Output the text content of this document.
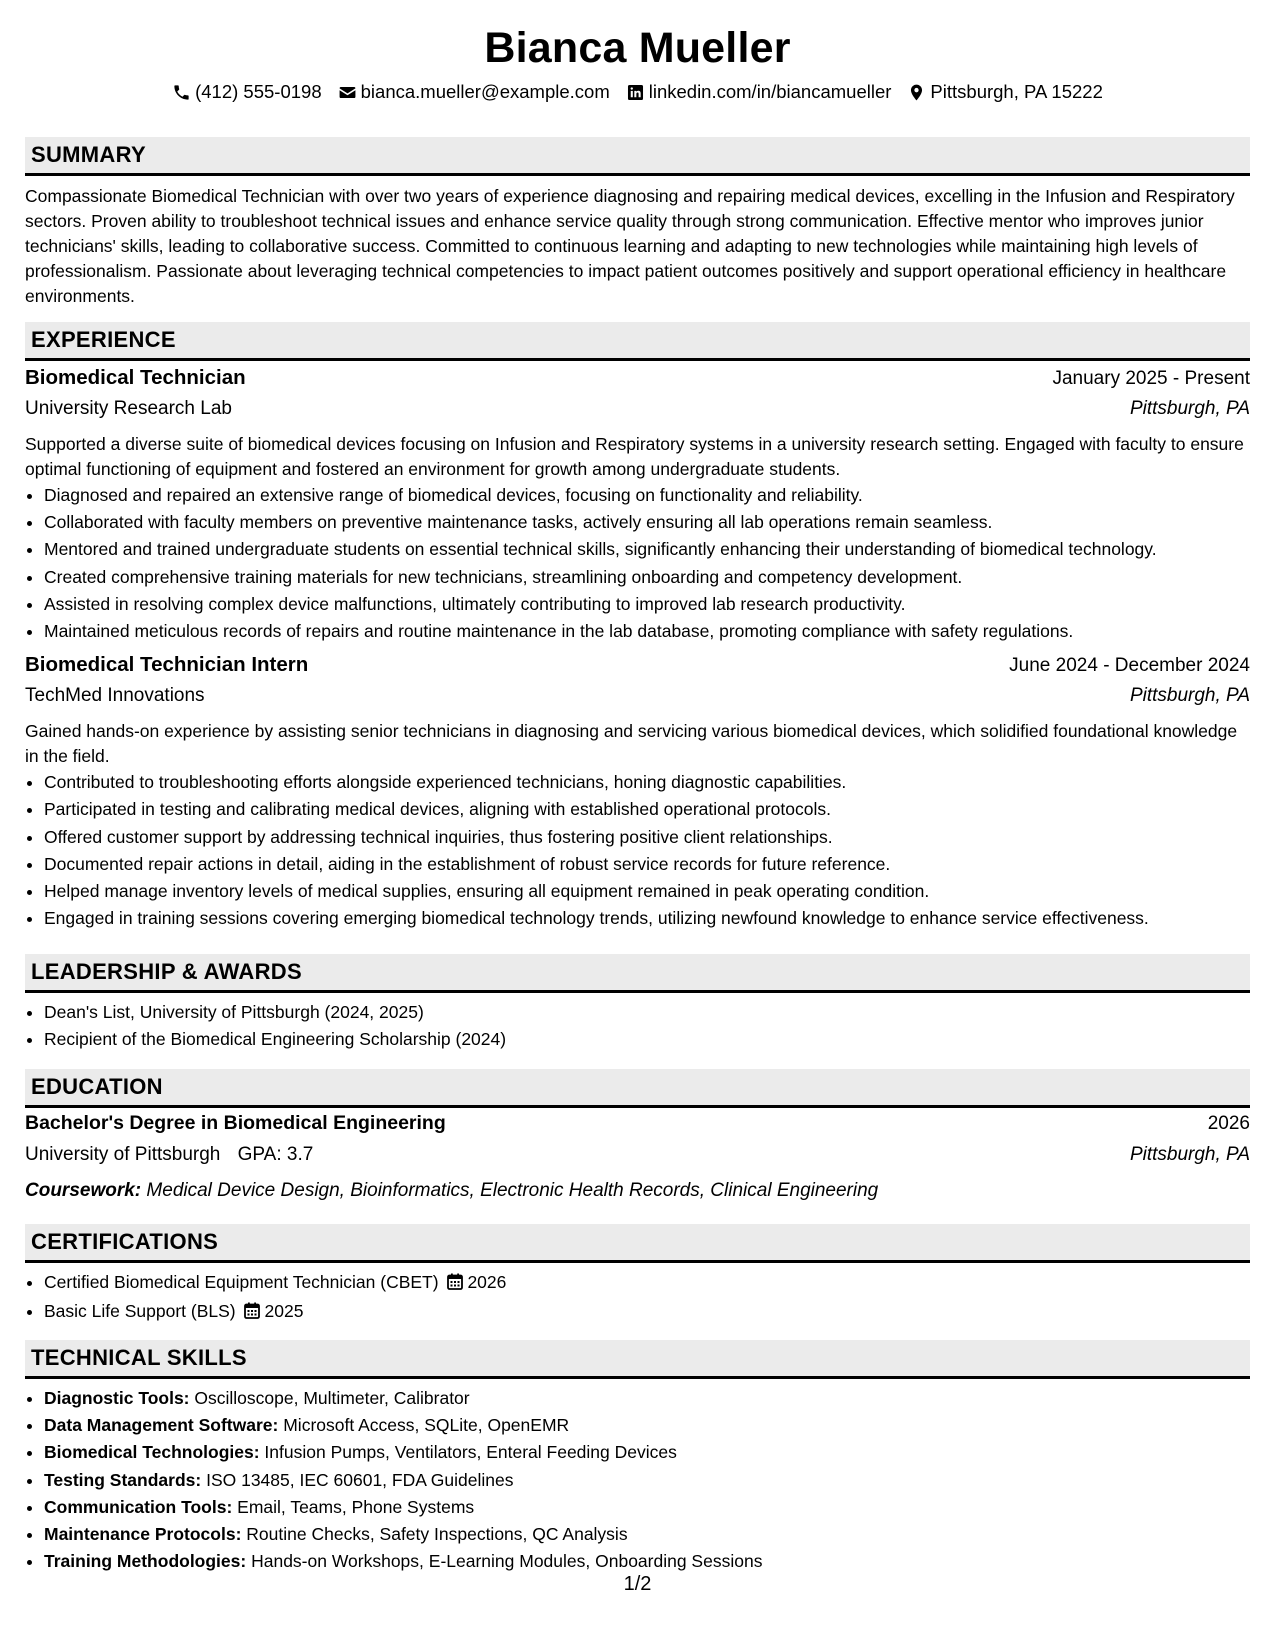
Bianca Mueller
(412) 555-0198 bianca.mueller@example.com linkedin.com/in/biancamueller Pittsburgh, PA 15222
SUMMARY

Compassionate Biomedical Technician with over two years of experience diagnosing and repairing medical devices, excelling in the Infusion and Respiratory sectors. Proven ability to troubleshoot technical issues and enhance service quality through strong communication. Effective mentor who improves junior technicians' skills, leading to collaborative success. Committed to continuous learning and adapting to new technologies while maintaining high levels of professionalism. Passionate about leveraging technical competencies to impact patient outcomes positively and support operational efficiency in healthcare environments.

EXPERIENCE
Biomedical Technician	January 2025 - Present
University Research Lab	Pittsburgh, PA

Supported a diverse suite of biomedical devices focusing on Infusion and Respiratory systems in a university research setting. Engaged with faculty to ensure optimal functioning of equipment and fostered an environment for growth among undergraduate students.

• Diagnosed and repaired an extensive range of biomedical devices, focusing on functionality and reliability.
• Collaborated with faculty members on preventive maintenance tasks, actively ensuring all lab operations remain seamless.
• Mentored and trained undergraduate students on essential technical skills, significantly enhancing their understanding of biomedical technology.
• Created comprehensive training materials for new technicians, streamlining onboarding and competency development.
• Assisted in resolving complex device malfunctions, ultimately contributing to improved lab research productivity.
• Maintained meticulous records of repairs and routine maintenance in the lab database, promoting compliance with safety regulations.
Biomedical Technician Intern	June 2024 - December 2024
TechMed Innovations	Pittsburgh, PA

Gained hands-on experience by assisting senior technicians in diagnosing and servicing various biomedical devices, which solidified foundational knowledge in the field.

• Contributed to troubleshooting efforts alongside experienced technicians, honing diagnostic capabilities.
• Participated in testing and calibrating medical devices, aligning with established operational protocols.
• Offered customer support by addressing technical inquiries, thus fostering positive client relationships.
• Documented repair actions in detail, aiding in the establishment of robust service records for future reference.
• Helped manage inventory levels of medical supplies, ensuring all equipment remained in peak operating condition.
• Engaged in training sessions covering emerging biomedical technology trends, utilizing newfound knowledge to enhance service effectiveness.
LEADERSHIP & AWARDS
• Dean's List, University of Pittsburgh (2024, 2025)
• Recipient of the Biomedical Engineering Scholarship (2024)
EDUCATION
Bachelor's Degree in Biomedical Engineering	2026
University of Pittsburgh GPA: 3.7	Pittsburgh, PA
Coursework: Medical Device Design, Bioinformatics, Electronic Health Records, Clinical Engineering
CERTIFICATIONS
• Certified Biomedical Equipment Technician (CBET) 2026
• Basic Life Support (BLS) 2025
TECHNICAL SKILLS
• Diagnostic Tools: Oscilloscope, Multimeter, Calibrator
• Data Management Software: Microsoft Access, SQLite, OpenEMR
• Biomedical Technologies: Infusion Pumps, Ventilators, Enteral Feeding Devices
• Testing Standards: ISO 13485, IEC 60601, FDA Guidelines
• Communication Tools: Email, Teams, Phone Systems
• Maintenance Protocols: Routine Checks, Safety Inspections, QC Analysis
• Training Methodologies: Hands-on Workshops, E-Learning Modules, Onboarding Sessions
1/2
